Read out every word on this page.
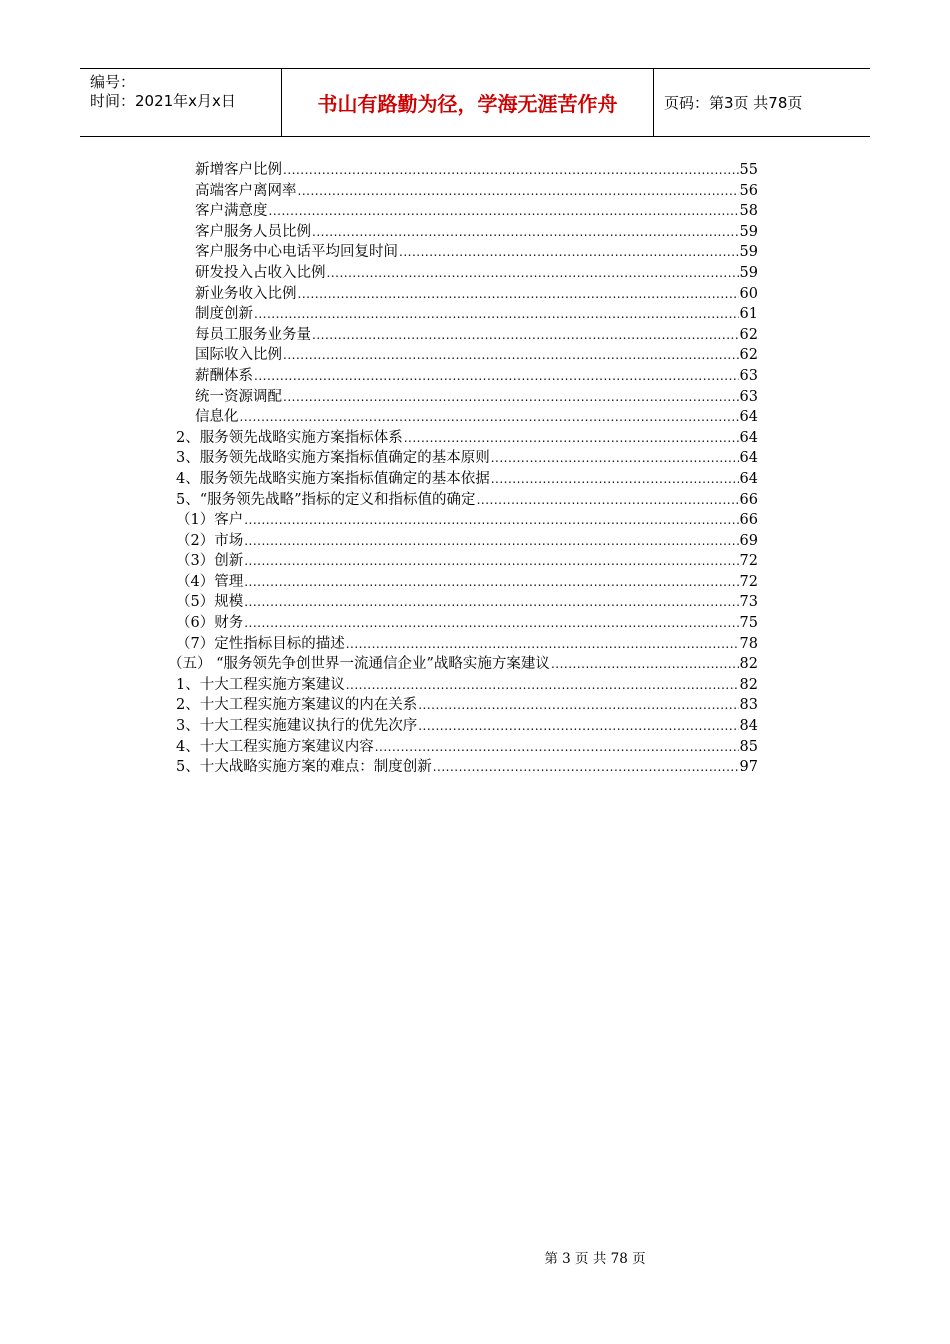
编号：
时间：2021年x月x日	书山有路勤为径，学海无涯苦作舟	页码：第3页 共78页
新增客户比例 .....	55
高端客户离网率 .....	56
客户满意度 .....	58
客户服务人员比例 .....	59
客户服务中心电话平均回复时间 .....	59
研发投入占收入比例 .....	59
新业务收入比例 .....	60
制度创新 .....	61
每员工服务业务量 .....	62
国际收入比例 .....	62
薪酬体系 .....	63
统一资源调配 .....	63
信息化 .....	64
2、服务领先战略实施方案指标体系 .....	64
3、服务领先战略实施方案指标值确定的基本原则 .....	64
4、服务领先战略实施方案指标值确定的基本依据 .....	64
5、“服务领先战略”指标的定义和指标值的确定 .....	66
（1）客户 .....	66
（2）市场 .....	69
（3）创新 .....	72
（4）管理 .....	72
（5）规模 .....	73
（6）财务 .....	75
（7）定性指标目标的描述 .....	78
（五） “服务领先争创世界一流通信企业”战略实施方案建议 .....	82
1、十大工程实施方案建议 .....	82
2、十大工程实施方案建议的内在关系 .....	83
3、十大工程实施建议执行的优先次序 .....	84
4、十大工程实施方案建议内容 .....	85
5、十大战略实施方案的难点：制度创新 .....	97
第 3 页 共 78 页
